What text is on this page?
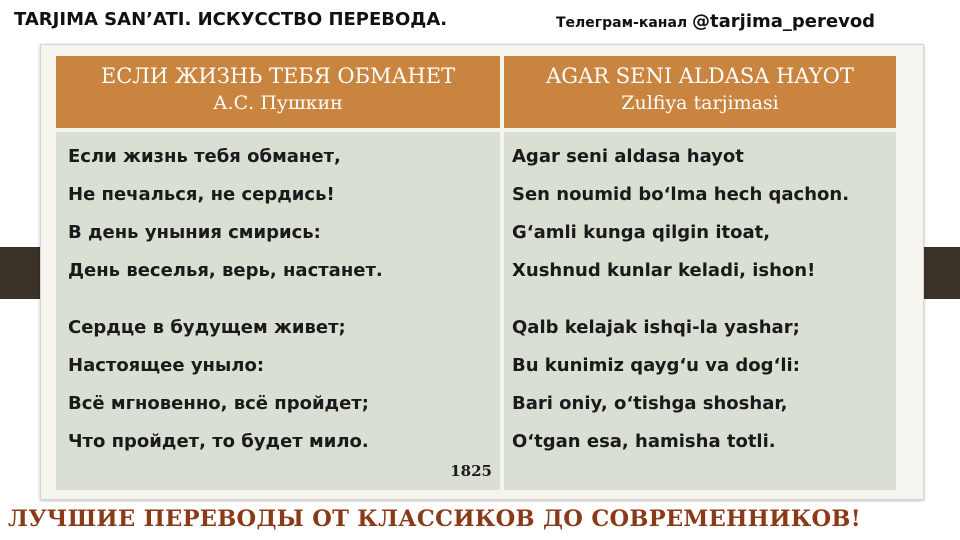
TARJIMA SAN’ATI. ИСКУССТВО ПЕРЕВОДА.	Телеграм-канал @tarjima_perevod
ЕСЛИ ЖИЗНЬ ТЕБЯ ОБМАНЕТ
А.С. Пушкин
AGAR SENI ALDASA HAYOT
Zulfiya tarjimasi
Если жизнь тебя обманет,
Не печалься, не сердись!
В день уныния смирись:
День веселья, верь, настанет.
Сердце в будущем живет;
Настоящее уныло:
Всё мгновенно, всё пройдет;
Что пройдет, то будет мило.
1825
Agar seni aldasa hayot
Sen noumid boʻlma hech qachon.
Gʻamli kunga qilgin itoat,
Xushnud kunlar keladi, ishon!
Qalb kelajak ishqi-la yashar;
Bu kunimiz qaygʻu va dogʻli:
Bari oniy, oʻtishga shoshar,
Oʻtgan esa, hamisha totli.
ЛУЧШИЕ ПЕРЕВОДЫ ОТ КЛАССИКОВ ДО СОВРЕМЕННИКОВ!
